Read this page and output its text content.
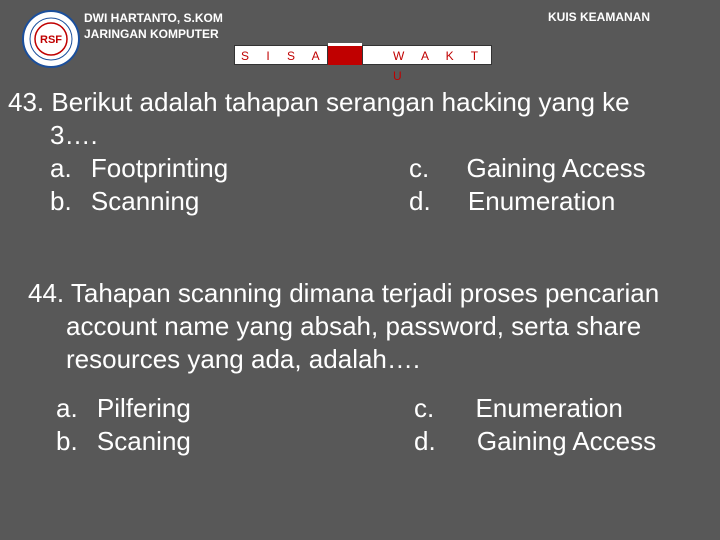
RSF
DWI HARTANTO, S.KOM
JARINGAN KOMPUTER
KUIS KEAMANAN
S I S A	W A K T U
43. Berikut adalah tahapan serangan hacking yang ke
3….
a. Footprinting
b. Scanning
c. Gaining Access
d. Enumeration
44. Tahapan scanning dimana terjadi proses pencarian
account name yang absah, password, serta share
resources yang ada, adalah….
a. Pilfering
b. Scaning
c. Enumeration
d. Gaining Access
